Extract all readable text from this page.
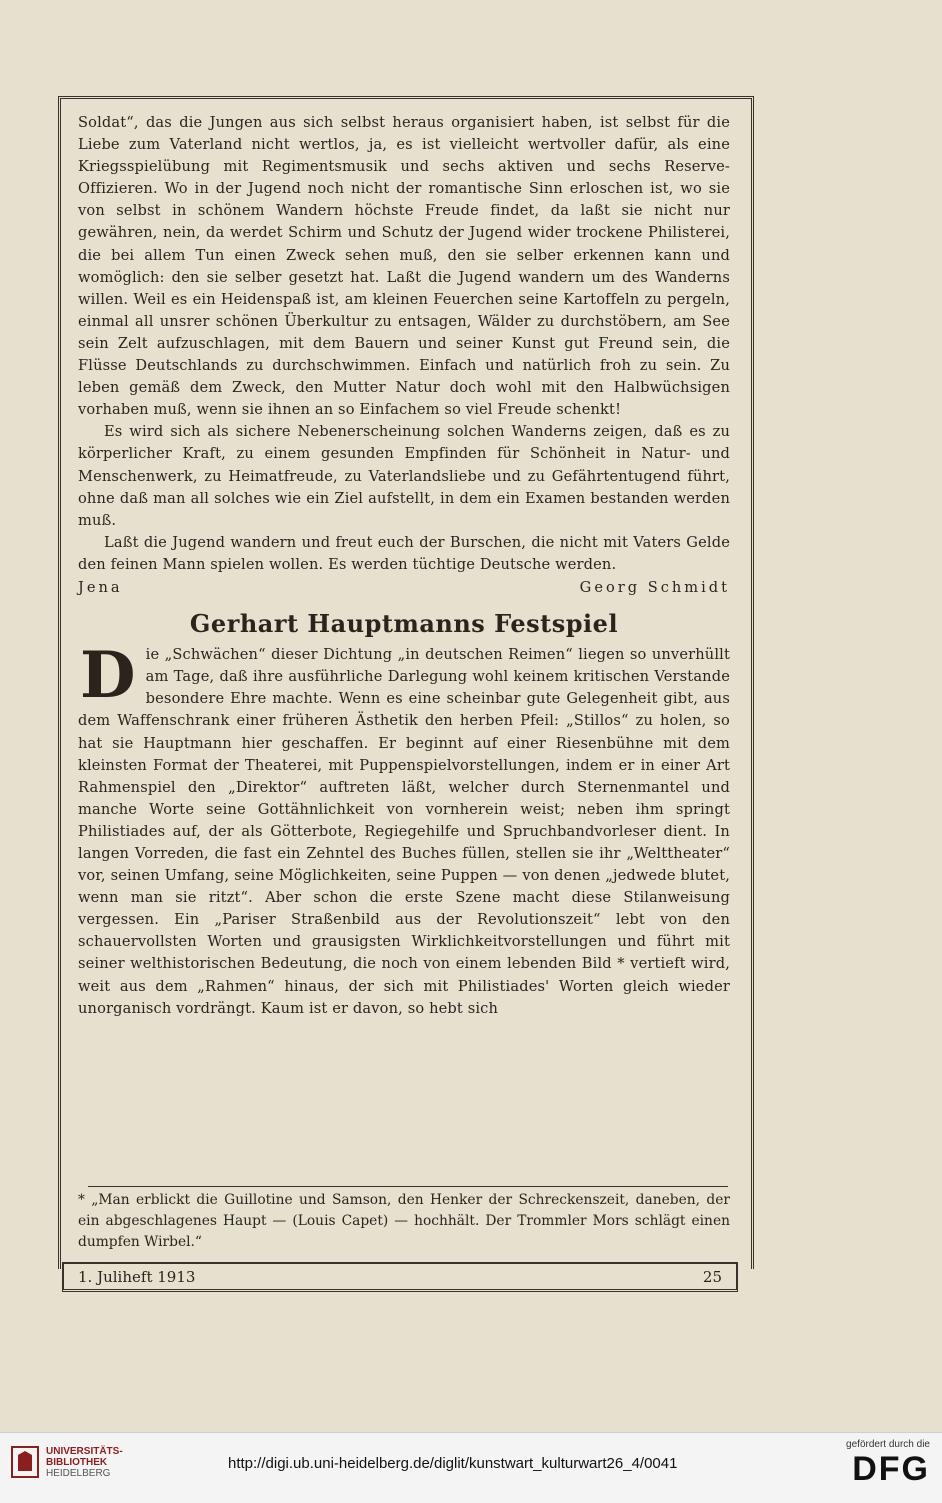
Soldat“, das die Jungen aus sich selbst heraus organisiert haben, ist selbst für die Liebe zum Vaterland nicht wertlos, ja, es ist vielleicht wertvoller dafür, als eine Kriegsspielübung mit Regimentsmusik und sechs aktiven und sechs Reserve-Offizieren. Wo in der Jugend noch nicht der romantische Sinn erloschen ist, wo sie von selbst in schönem Wandern höchste Freude findet, da laßt sie nicht nur gewähren, nein, da werdet Schirm und Schutz der Jugend wider trockene Philisterei, die bei allem Tun einen Zweck sehen muß, den sie selber erkennen kann und womöglich: den sie selber gesetzt hat. Laßt die Jugend wandern um des Wanderns willen. Weil es ein Heidenspaß ist, am kleinen Feuerchen seine Kartoffeln zu pergeln, einmal all unsrer schönen Überkultur zu entsagen, Wälder zu durchstöbern, am See sein Zelt aufzuschlagen, mit dem Bauern und seiner Kunst gut Freund sein, die Flüsse Deutschlands zu durchschwimmen. Einfach und natürlich froh zu sein. Zu leben gemäß dem Zweck, den Mutter Natur doch wohl mit den Halbwüchsigen vorhaben muß, wenn sie ihnen an so Einfachem so viel Freude schenkt!

Es wird sich als sichere Nebenerscheinung solchen Wanderns zeigen, daß es zu körperlicher Kraft, zu einem gesunden Empfinden für Schönheit in Natur- und Menschenwerk, zu Heimatfreude, zu Vaterlandsliebe und zu Gefährtentugend führt, ohne daß man all solches wie ein Ziel aufstellt, in dem ein Examen bestanden werden muß.

Laßt die Jugend wandern und freut euch der Burschen, die nicht mit Vaters Gelde den feinen Mann spielen wollen. Es werden tüchtige Deutsche werden.

Jena	Georg Schmidt
Gerhart Hauptmanns Festspiel

Die „Schwächen“ dieser Dichtung „in deutschen Reimen“ liegen so unverhüllt am Tage, daß ihre ausführliche Darlegung wohl keinem kritischen Verstande besondere Ehre machte. Wenn es eine scheinbar gute Gelegenheit gibt, aus dem Waffenschrank einer früheren Ästhetik den herben Pfeil: „Stillos“ zu holen, so hat sie Hauptmann hier geschaffen. Er beginnt auf einer Riesenbühne mit dem kleinsten Format der Theaterei, mit Puppenspielvorstellungen, indem er in einer Art Rahmenspiel den „Direktor“ auftreten läßt, welcher durch Sternenmantel und manche Worte seine Gottähnlichkeit von vornherein weist; neben ihm springt Philistiades auf, der als Götterbote, Regiegehilfe und Spruchbandvorleser dient. In langen Vorreden, die fast ein Zehntel des Buches füllen, stellen sie ihr „Welttheater“ vor, seinen Umfang, seine Möglichkeiten, seine Puppen — von denen „jedwede blutet, wenn man sie ritzt“. Aber schon die erste Szene macht diese Stilanweisung vergessen. Ein „Pariser Straßenbild aus der Revolutionszeit“ lebt von den schauervollsten Worten und grausigsten Wirklichkeitvorstellungen und führt mit seiner welthistorischen Bedeutung, die noch von einem lebenden Bild * vertieft wird, weit aus dem „Rahmen“ hinaus, der sich mit Philistiades' Worten gleich wieder unorganisch vordrängt. Kaum ist er davon, so hebt sich

* „Man erblickt die Guillotine und Samson, den Henker der Schreckenszeit, daneben, der ein abgeschlagenes Haupt — (Louis Capet) — hochhält. Der Trommler Mors schlägt einen dumpfen Wirbel.“

1. Juliheft 1913	25
UNIVERSITÄTS-
BIBLIOTHEK
HEIDELBERG
http://digi.ub.uni-heidelberg.de/diglit/kunstwart_kulturwart26_4/0041
gefördert durch die
DFG
